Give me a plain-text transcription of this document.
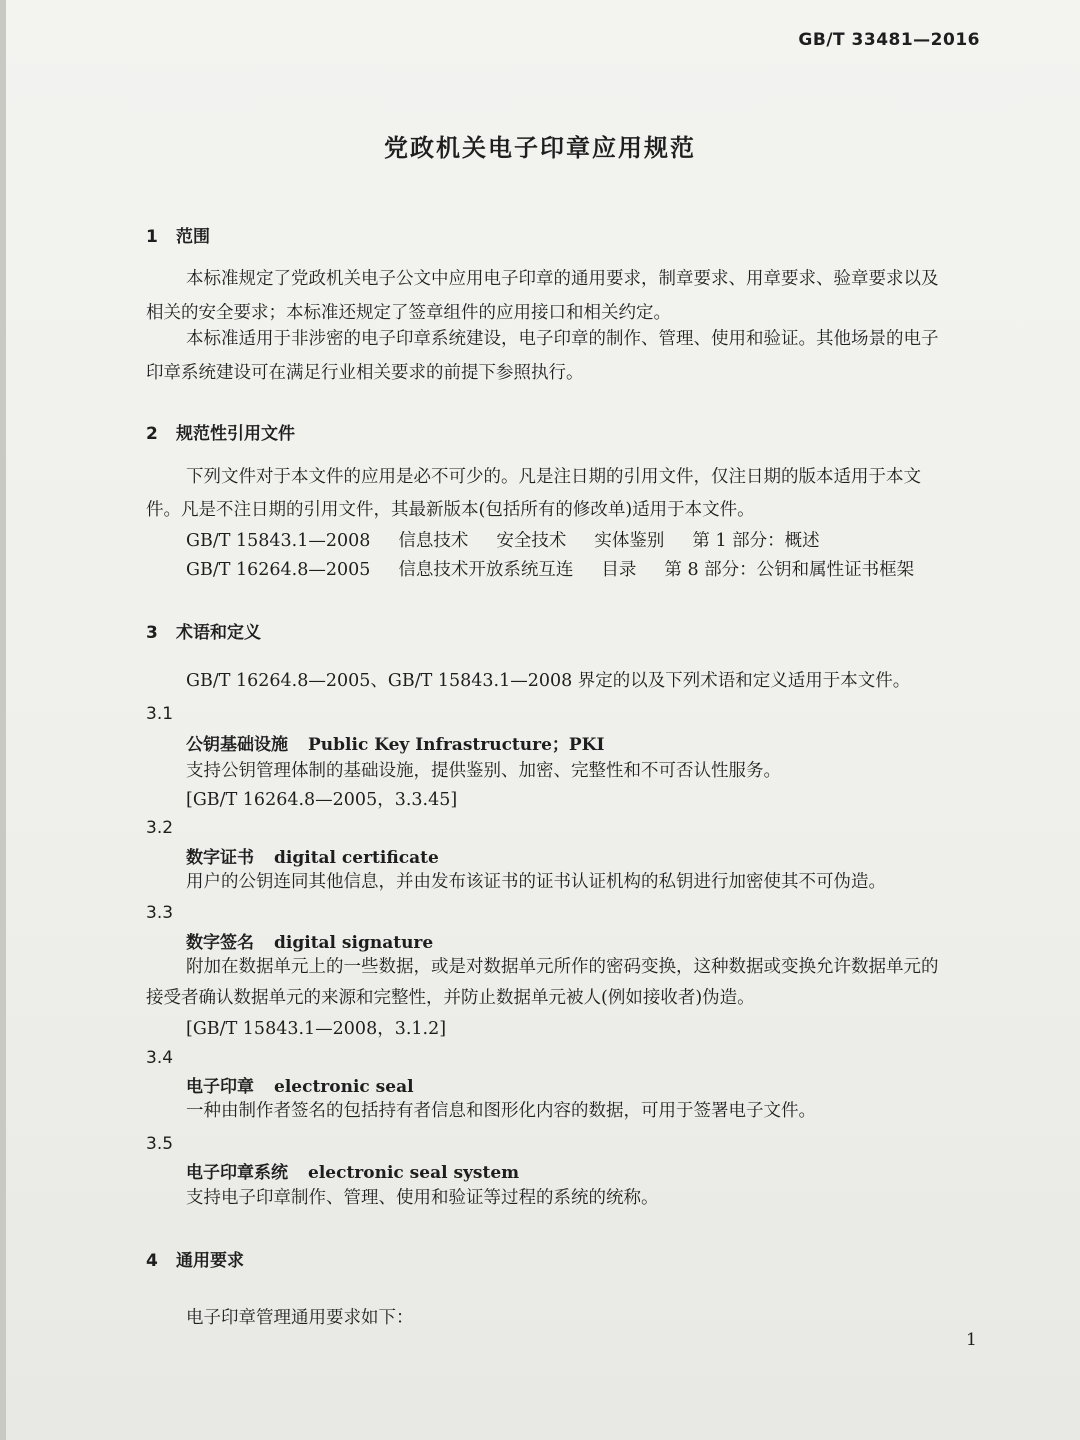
GB/T 33481—2016
党政机关电子印章应用规范
1 范围
本标准规定了党政机关电子公文中应用电子印章的通用要求，制章要求、用章要求、验章要求以及
相关的安全要求；本标准还规定了签章组件的应用接口和相关约定。
本标准适用于非涉密的电子印章系统建设，电子印章的制作、管理、使用和验证。其他场景的电子
印章系统建设可在满足行业相关要求的前提下参照执行。
2 规范性引用文件
下列文件对于本文件的应用是必不可少的。凡是注日期的引用文件，仅注日期的版本适用于本文
件。凡是不注日期的引用文件，其最新版本(包括所有的修改单)适用于本文件。
GB/T 15843.1—2008 信息技术 安全技术 实体鉴别 第 1 部分：概述
GB/T 16264.8—2005 信息技术开放系统互连 目录 第 8 部分：公钥和属性证书框架
3 术语和定义
GB/T 16264.8—2005、GB/T 15843.1—2008 界定的以及下列术语和定义适用于本文件。
3.1
公钥基础设施 Public Key Infrastructure；PKI
支持公钥管理体制的基础设施，提供鉴别、加密、完整性和不可否认性服务。
[GB/T 16264.8—2005，3.3.45]
3.2
数字证书 digital certificate
用户的公钥连同其他信息，并由发布该证书的证书认证机构的私钥进行加密使其不可伪造。
3.3
数字签名 digital signature
附加在数据单元上的一些数据，或是对数据单元所作的密码变换，这种数据或变换允许数据单元的
接受者确认数据单元的来源和完整性，并防止数据单元被人(例如接收者)伪造。
[GB/T 15843.1—2008，3.1.2]
3.4
电子印章 electronic seal
一种由制作者签名的包括持有者信息和图形化内容的数据，可用于签署电子文件。
3.5
电子印章系统 electronic seal system
支持电子印章制作、管理、使用和验证等过程的系统的统称。
4 通用要求
电子印章管理通用要求如下：
1
